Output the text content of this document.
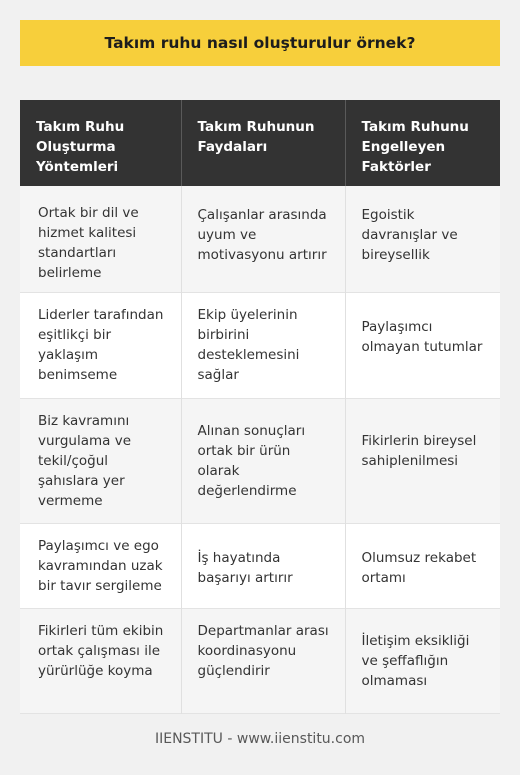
Takım ruhu nasıl oluşturulur örnek?
Takım Ruhu Oluşturma Yöntemleri	Takım Ruhunun Faydaları	Takım Ruhunu Engelleyen Faktörler
Ortak bir dil ve hizmet kalitesi standartları belirleme	Çalışanlar arasında uyum ve motivasyonu artırır	Egoistik davranışlar ve bireysellik
Liderler tarafından eşitlikçi bir yaklaşım benimseme	Ekip üyelerinin birbirini desteklemesini sağlar	Paylaşımcı olmayan tutumlar
Biz kavramını vurgulama ve tekil/çoğul şahıslara yer vermeme	Alınan sonuçları ortak bir ürün olarak değerlendirme	Fikirlerin bireysel sahiplenilmesi
Paylaşımcı ve ego kavramından uzak bir tavır sergileme	İş hayatında başarıyı artırır	Olumsuz rekabet ortamı
Fikirleri tüm ekibin ortak çalışması ile yürürlüğe koyma	Departmanlar arası koordinasyonu güçlendirir	İletişim eksikliği ve şeffaflığın olmaması
IIENSTITU - www.iienstitu.com
